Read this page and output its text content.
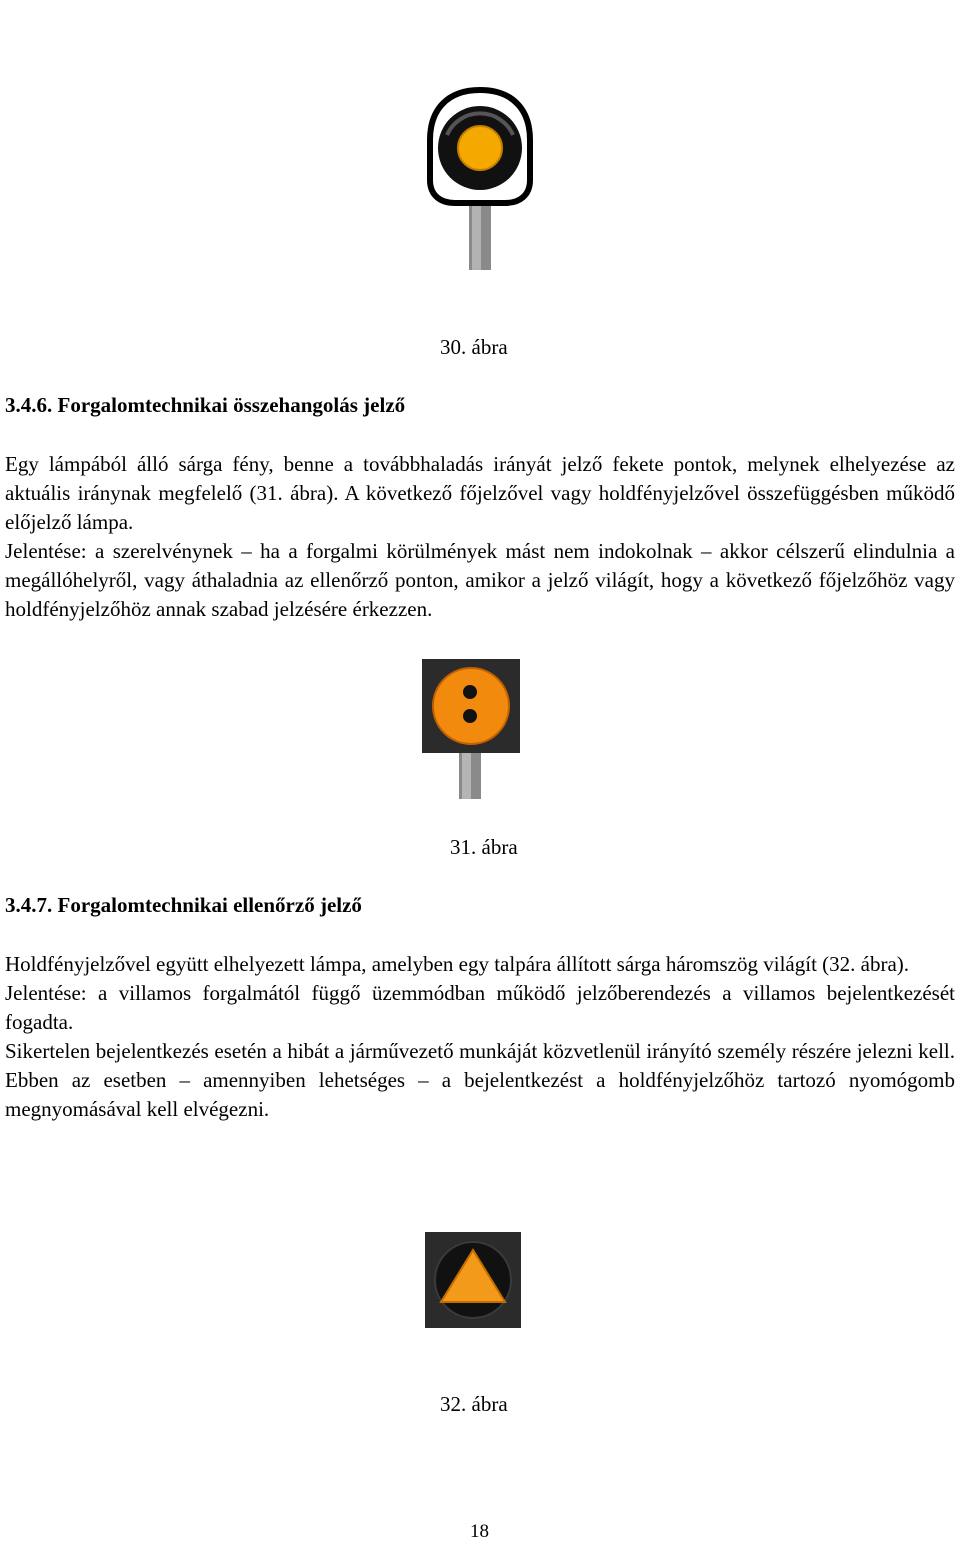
30. ábra
3.4.6. Forgalomtechnikai összehangolás jelző

Egy lámpából álló sárga fény, benne a továbbhaladás irányát jelző fekete pontok, melynek elhelyezése az aktuális iránynak megfelelő (31. ábra). A következő főjelzővel vagy holdfényjelzővel összefüggésben működő előjelző lámpa.

Jelentése: a szerelvénynek – ha a forgalmi körülmények mást nem indokolnak – akkor célszerű elindulnia a megállóhelyről, vagy áthaladnia az ellenőrző ponton, amikor a jelző világít, hogy a következő főjelzőhöz vagy holdfényjelzőhöz annak szabad jelzésére érkezzen.

31. ábra
3.4.7. Forgalomtechnikai ellenőrző jelző

Holdfényjelzővel együtt elhelyezett lámpa, amelyben egy talpára állított sárga háromszög világít (32. ábra).

Jelentése: a villamos forgalmától függő üzemmódban működő jelzőberendezés a villamos bejelentkezését fogadta.

Sikertelen bejelentkezés esetén a hibát a járművezető munkáját közvetlenül irányító személy részére jelezni kell. Ebben az esetben – amennyiben lehetséges – a bejelentkezést a holdfényjelzőhöz tartozó nyomógomb megnyomásával kell elvégezni.

32. ábra
18
